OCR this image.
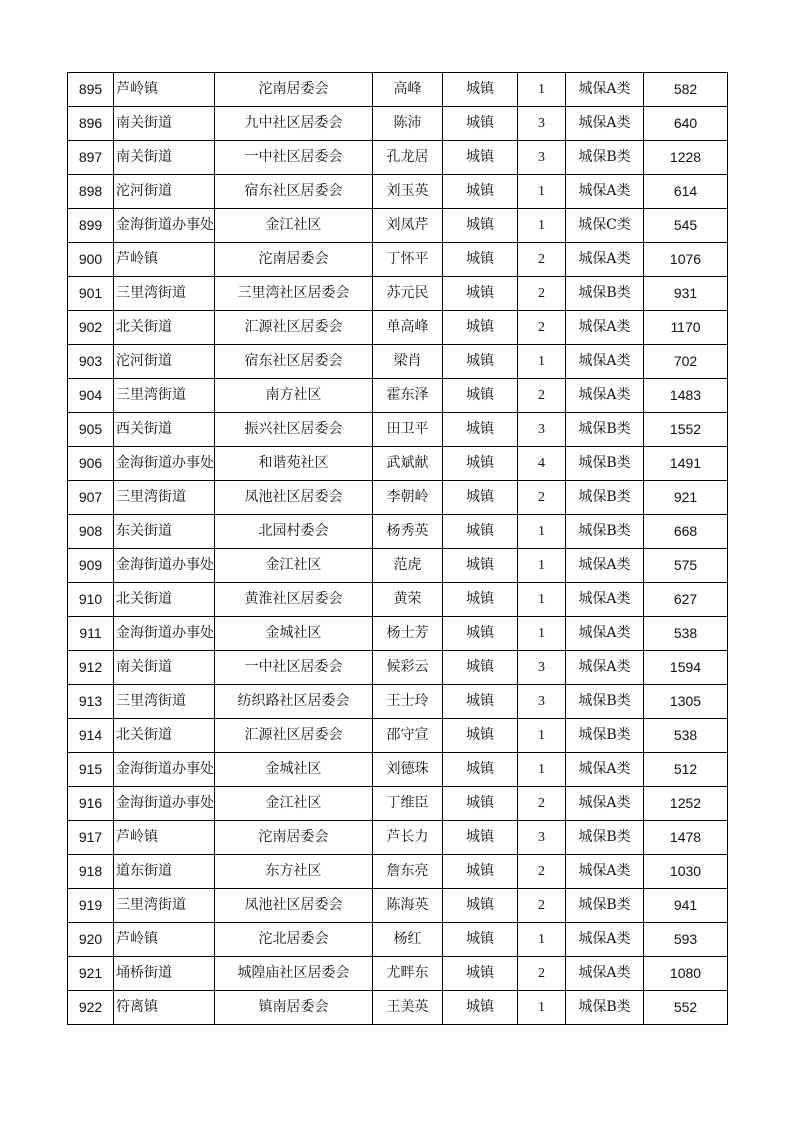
895	芦岭镇	沱南居委会	高峰	城镇	1	城保A类	582
896	南关街道	九中社区居委会	陈沛	城镇	3	城保A类	640
897	南关街道	一中社区居委会	孔龙居	城镇	3	城保B类	1228
898	沱河街道	宿东社区居委会	刘玉英	城镇	1	城保A类	614
899	金海街道办事处	金江社区	刘凤芹	城镇	1	城保C类	545
900	芦岭镇	沱南居委会	丁怀平	城镇	2	城保A类	1076
901	三里湾街道	三里湾社区居委会	苏元民	城镇	2	城保B类	931
902	北关街道	汇源社区居委会	单高峰	城镇	2	城保A类	1170
903	沱河街道	宿东社区居委会	梁肖	城镇	1	城保A类	702
904	三里湾街道	南方社区	霍东泽	城镇	2	城保A类	1483
905	西关街道	振兴社区居委会	田卫平	城镇	3	城保B类	1552
906	金海街道办事处	和谐苑社区	武斌献	城镇	4	城保B类	1491
907	三里湾街道	凤池社区居委会	李朝岭	城镇	2	城保B类	921
908	东关街道	北园村委会	杨秀英	城镇	1	城保B类	668
909	金海街道办事处	金江社区	范虎	城镇	1	城保A类	575
910	北关街道	黄淮社区居委会	黄荣	城镇	1	城保A类	627
911	金海街道办事处	金城社区	杨士芳	城镇	1	城保A类	538
912	南关街道	一中社区居委会	候彩云	城镇	3	城保A类	1594
913	三里湾街道	纺织路社区居委会	王士玲	城镇	3	城保B类	1305
914	北关街道	汇源社区居委会	邵守宣	城镇	1	城保B类	538
915	金海街道办事处	金城社区	刘德珠	城镇	1	城保A类	512
916	金海街道办事处	金江社区	丁维臣	城镇	2	城保A类	1252
917	芦岭镇	沱南居委会	芦长力	城镇	3	城保B类	1478
918	道东街道	东方社区	詹东亮	城镇	2	城保A类	1030
919	三里湾街道	凤池社区居委会	陈海英	城镇	2	城保B类	941
920	芦岭镇	沱北居委会	杨红	城镇	1	城保A类	593
921	埇桥街道	城隍庙社区居委会	尤畔东	城镇	2	城保A类	1080
922	符离镇	镇南居委会	王美英	城镇	1	城保B类	552
